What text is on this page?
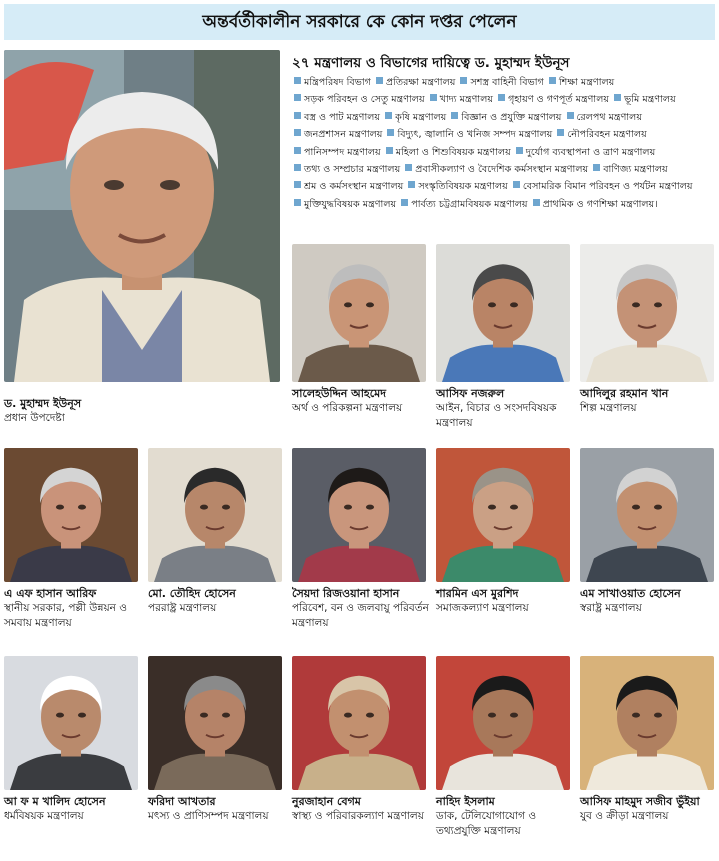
অন্তর্বর্তীকালীন সরকারে কে কোন দপ্তর পেলেন
ড. মুহাম্মদ ইউনূস
প্রধান উপদেষ্টা
২৭ মন্ত্রণালয় ও বিভাগের দায়িত্বে ড. মুহাম্মদ ইউনূস
মন্ত্রিপরিষদ বিভাগ প্রতিরক্ষা মন্ত্রণালয় সশস্ত্র বাহিনী বিভাগ শিক্ষা মন্ত্রণালয় সড়ক পরিবহন ও সেতু মন্ত্রণালয় খাদ্য মন্ত্রণালয় গৃহায়ণ ও গণপূর্ত মন্ত্রণালয় ভূমি মন্ত্রণালয় বস্ত্র ও পাট মন্ত্রণালয় কৃষি মন্ত্রণালয় বিজ্ঞান ও প্রযুক্তি মন্ত্রণালয় রেলপথ মন্ত্রণালয় জনপ্রশাসন মন্ত্রণালয় বিদ্যুৎ, জ্বালানি ও খনিজ সম্পদ মন্ত্রণালয় নৌপরিবহন মন্ত্রণালয় পানিসম্পদ মন্ত্রণালয় মহিলা ও শিশুবিষয়ক মন্ত্রণালয় দুর্যোগ ব্যবস্থাপনা ও ত্রাণ মন্ত্রণালয় তথ্য ও সম্প্রচার মন্ত্রণালয় প্রবাসীকল্যাণ ও বৈদেশিক কর্মসংস্থান মন্ত্রণালয় বাণিজ্য মন্ত্রণালয় শ্রম ও কর্মসংস্থান মন্ত্রণালয় সংস্কৃতিবিষয়ক মন্ত্রণালয় বেসামরিক বিমান পরিবহন ও পর্যটন মন্ত্রণালয় মুক্তিযুদ্ধবিষয়ক মন্ত্রণালয় পার্বত্য চট্টগ্রামবিষয়ক মন্ত্রণালয় প্রাথমিক ও গণশিক্ষা মন্ত্রণালয়।
সালেহউদ্দিন আহমেদ
অর্থ ও পরিকল্পনা মন্ত্রণালয়
আসিফ নজরুল
আইন, বিচার ও সংসদবিষয়ক মন্ত্রণালয়
আদিলুর রহমান খান
শিল্প মন্ত্রণালয়
এ এফ হাসান আরিফ
স্থানীয় সরকার, পল্লী উন্নয়ন ও সমবায় মন্ত্রণালয়
মো. তৌহিদ হোসেন
পররাষ্ট্র মন্ত্রণালয়
সৈয়দা রিজওয়ানা হাসান
পরিবেশ, বন ও জলবায়ু পরিবর্তন মন্ত্রণালয়
শারমিন এস মুরশিদ
সমাজকল্যাণ মন্ত্রণালয়
এম সাখাওয়াত হোসেন
স্বরাষ্ট্র মন্ত্রণালয়
আ ফ ম খালিদ হোসেন
ধর্মবিষয়ক মন্ত্রণালয়
ফরিদা আখতার
মৎস্য ও প্রাণিসম্পদ মন্ত্রণালয়
নুরজাহান বেগম
স্বাস্থ্য ও পরিবারকল্যাণ মন্ত্রণালয়
নাহিদ ইসলাম
ডাক, টেলিযোগাযোগ ও তথ্যপ্রযুক্তি মন্ত্রণালয়
আসিফ মাহমুদ সজীব ভুঁইয়া
যুব ও ক্রীড়া মন্ত্রণালয়
